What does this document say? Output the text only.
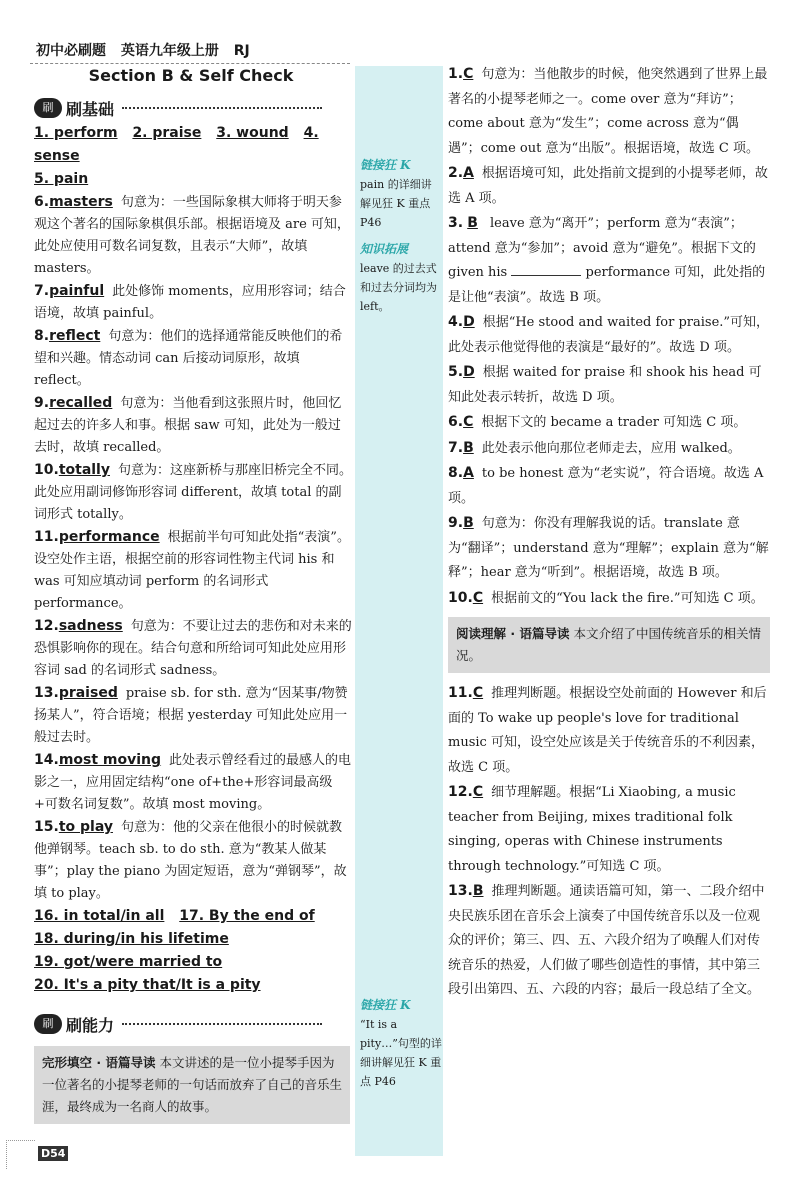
初中必刷题 英语九年级上册 RJ
Section B & Self Check
刷 刷基础
1. perform 2. praise 3. wound 4. sense
5. pain
6.masters 句意为：一些国际象棋大师将于明天参观这个著名的国际象棋俱乐部。根据语境及 are 可知，此处应使用可数名词复数，且表示“大师”，故填 masters。
7.painful 此处修饰 moments，应用形容词；结合语境，故填 painful。
8.reflect 句意为：他们的选择通常能反映他们的希望和兴趣。情态动词 can 后接动词原形，故填 reflect。
9.recalled 句意为：当他看到这张照片时，他回忆起过去的许多人和事。根据 saw 可知，此处为一般过去时，故填 recalled。
10.totally 句意为：这座新桥与那座旧桥完全不同。此处应用副词修饰形容词 different，故填 total 的副词形式 totally。
11.performance 根据前半句可知此处指“表演”。设空处作主语，根据空前的形容词性物主代词 his 和 was 可知应填动词 perform 的名词形式 performance。
12.sadness 句意为：不要让过去的悲伤和对未来的恐惧影响你的现在。结合句意和所给词可知此处应用形容词 sad 的名词形式 sadness。
13.praised praise sb. for sth. 意为“因某事/物赞扬某人”，符合语境；根据 yesterday 可知此处应用一般过去时。
14.most moving 此处表示曾经看过的最感人的电影之一，应用固定结构“one of+the+形容词最高级+可数名词复数”。故填 most moving。
15.to play 句意为：他的父亲在他很小的时候就教他弹钢琴。teach sb. to do sth. 意为“教某人做某事”；play the piano 为固定短语，意为“弹钢琴”，故填 to play。
16. in total/in all 17. By the end of
18. during/in his lifetime
19. got/were married to
20. It's a pity that/It is a pity
刷 刷能力
完形填空 · 语篇导读 本文讲述的是一位小提琴手因为一位著名的小提琴老师的一句话而放弃了自己的音乐生涯，最终成为一名商人的故事。
链接狂 K
pain 的详细讲解见狂 K 重点 P46
知识拓展
leave 的过去式和过去分词均为 left。
链接狂 K
“It is a pity…”句型的详细讲解见狂 K 重点 P46
1.C 句意为：当他散步的时候，他突然遇到了世界上最著名的小提琴老师之一。come over 意为“拜访”；come about 意为“发生”；come across 意为“偶遇”；come out 意为“出版”。根据语境，故选 C 项。
2.A 根据语境可知，此处指前文提到的小提琴老师，故选 A 项。
3. B leave 意为“离开”；perform 意为“表演”；attend 意为“参加”；avoid 意为“避免”。根据下文的 given his	performance 可知，此处指的是让他“表演”。故选 B 项。
4.D 根据“He stood and waited for praise.”可知，此处表示他觉得他的表演是“最好的”。故选 D 项。
5.D 根据 waited for praise 和 shook his head 可知此处表示转折，故选 D 项。
6.C 根据下文的 became a trader 可知选 C 项。
7.B 此处表示他向那位老师走去，应用 walked。
8.A to be honest 意为“老实说”，符合语境。故选 A 项。
9.B 句意为：你没有理解我说的话。translate 意为“翻译”；understand 意为“理解”；explain 意为“解释”；hear 意为“听到”。根据语境，故选 B 项。
10.C 根据前文的“You lack the fire.”可知选 C 项。
阅读理解 · 语篇导读 本文介绍了中国传统音乐的相关情况。
11.C 推理判断题。根据设空处前面的 However 和后面的 To wake up people's love for traditional music 可知，设空处应该是关于传统音乐的不利因素，故选 C 项。
12.C 细节理解题。根据“Li Xiaobing, a music teacher from Beijing, mixes traditional folk singing, operas with Chinese instruments through technology.”可知选 C 项。
13.B 推理判断题。通读语篇可知，第一、二段介绍中央民族乐团在音乐会上演奏了中国传统音乐以及一位观众的评价；第三、四、五、六段介绍为了唤醒人们对传统音乐的热爱，人们做了哪些创造性的事情，其中第三段引出第四、五、六段的内容；最后一段总结了全文。
D54
